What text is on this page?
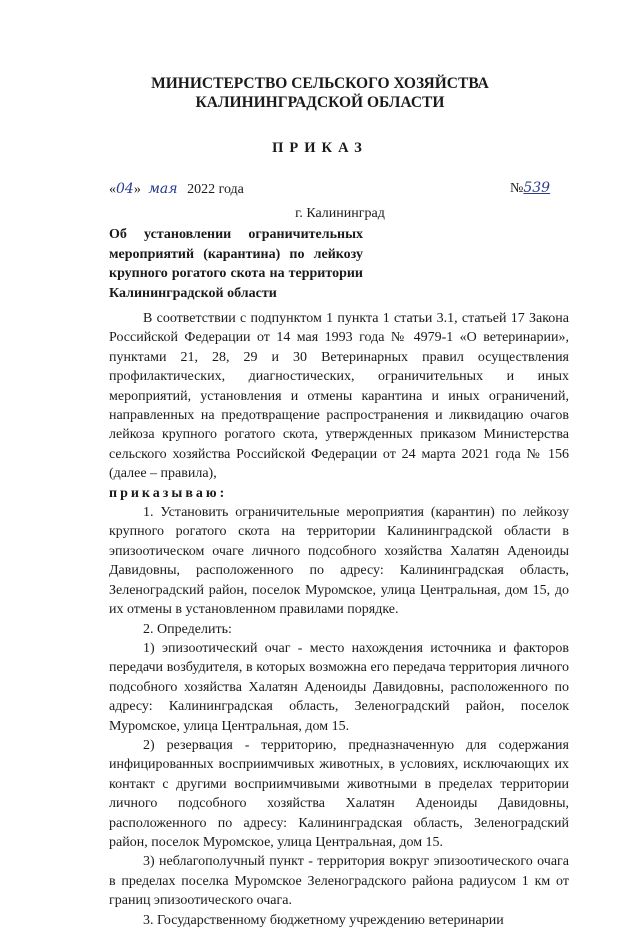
МИНИСТЕРСТВО СЕЛЬСКОГО ХОЗЯЙСТВА
КАЛИНИНГРАДСКОЙ ОБЛАСТИ
ПРИКАЗ
«04» мая 2022 года	№539
г. Калининград
Об установлении ограничительных
мероприятий (карантина) по лейкозу
крупного рогатого скота на территории
Калининградской области

В соответствии с подпунктом 1 пункта 1 статьи 3.1, статьей 17 Закона Российской Федерации от 14 мая 1993 года № 4979-1 «О ветеринарии», пунктами 21, 28, 29 и 30 Ветеринарных правил осуществления профилактических, диагностических, ограничительных и иных мероприятий, установления и отмены карантина и иных ограничений, направленных на предотвращение распространения и ликвидацию очагов лейкоза крупного рогатого скота, утвержденных приказом Министерства сельского хозяйства Российской Федерации от 24 марта 2021 года № 156 (далее – правила),

приказываю:

1. Установить ограничительные мероприятия (карантин) по лейкозу крупного рогатого скота на территории Калининградской области в эпизоотическом очаге личного подсобного хозяйства Халатян Аденоиды Давидовны, расположенного по адресу: Калининградская область, Зеленоградский район, поселок Муромское, улица Центральная, дом 15, до их отмены в установленном правилами порядке.

2. Определить:

1) эпизоотический очаг - место нахождения источника и факторов передачи возбудителя, в которых возможна его передача территория личного подсобного хозяйства Халатян Аденоиды Давидовны, расположенного по адресу: Калининградская область, Зеленоградский район, поселок Муромское, улица Центральная, дом 15.

2) резервация - территорию, предназначенную для содержания инфицированных восприимчивых животных, в условиях, исключающих их контакт с другими восприимчивыми животными в пределах территории личного подсобного хозяйства Халатян Аденоиды Давидовны, расположенного по адресу: Калининградская область, Зеленоградский район, поселок Муромское, улица Центральная, дом 15.

3) неблагополучный пункт - территория вокруг эпизоотического очага в пределах поселка Муромское Зеленоградского района радиусом 1 км от границ эпизоотического очага.

3. Государственному бюджетному учреждению ветеринарии
